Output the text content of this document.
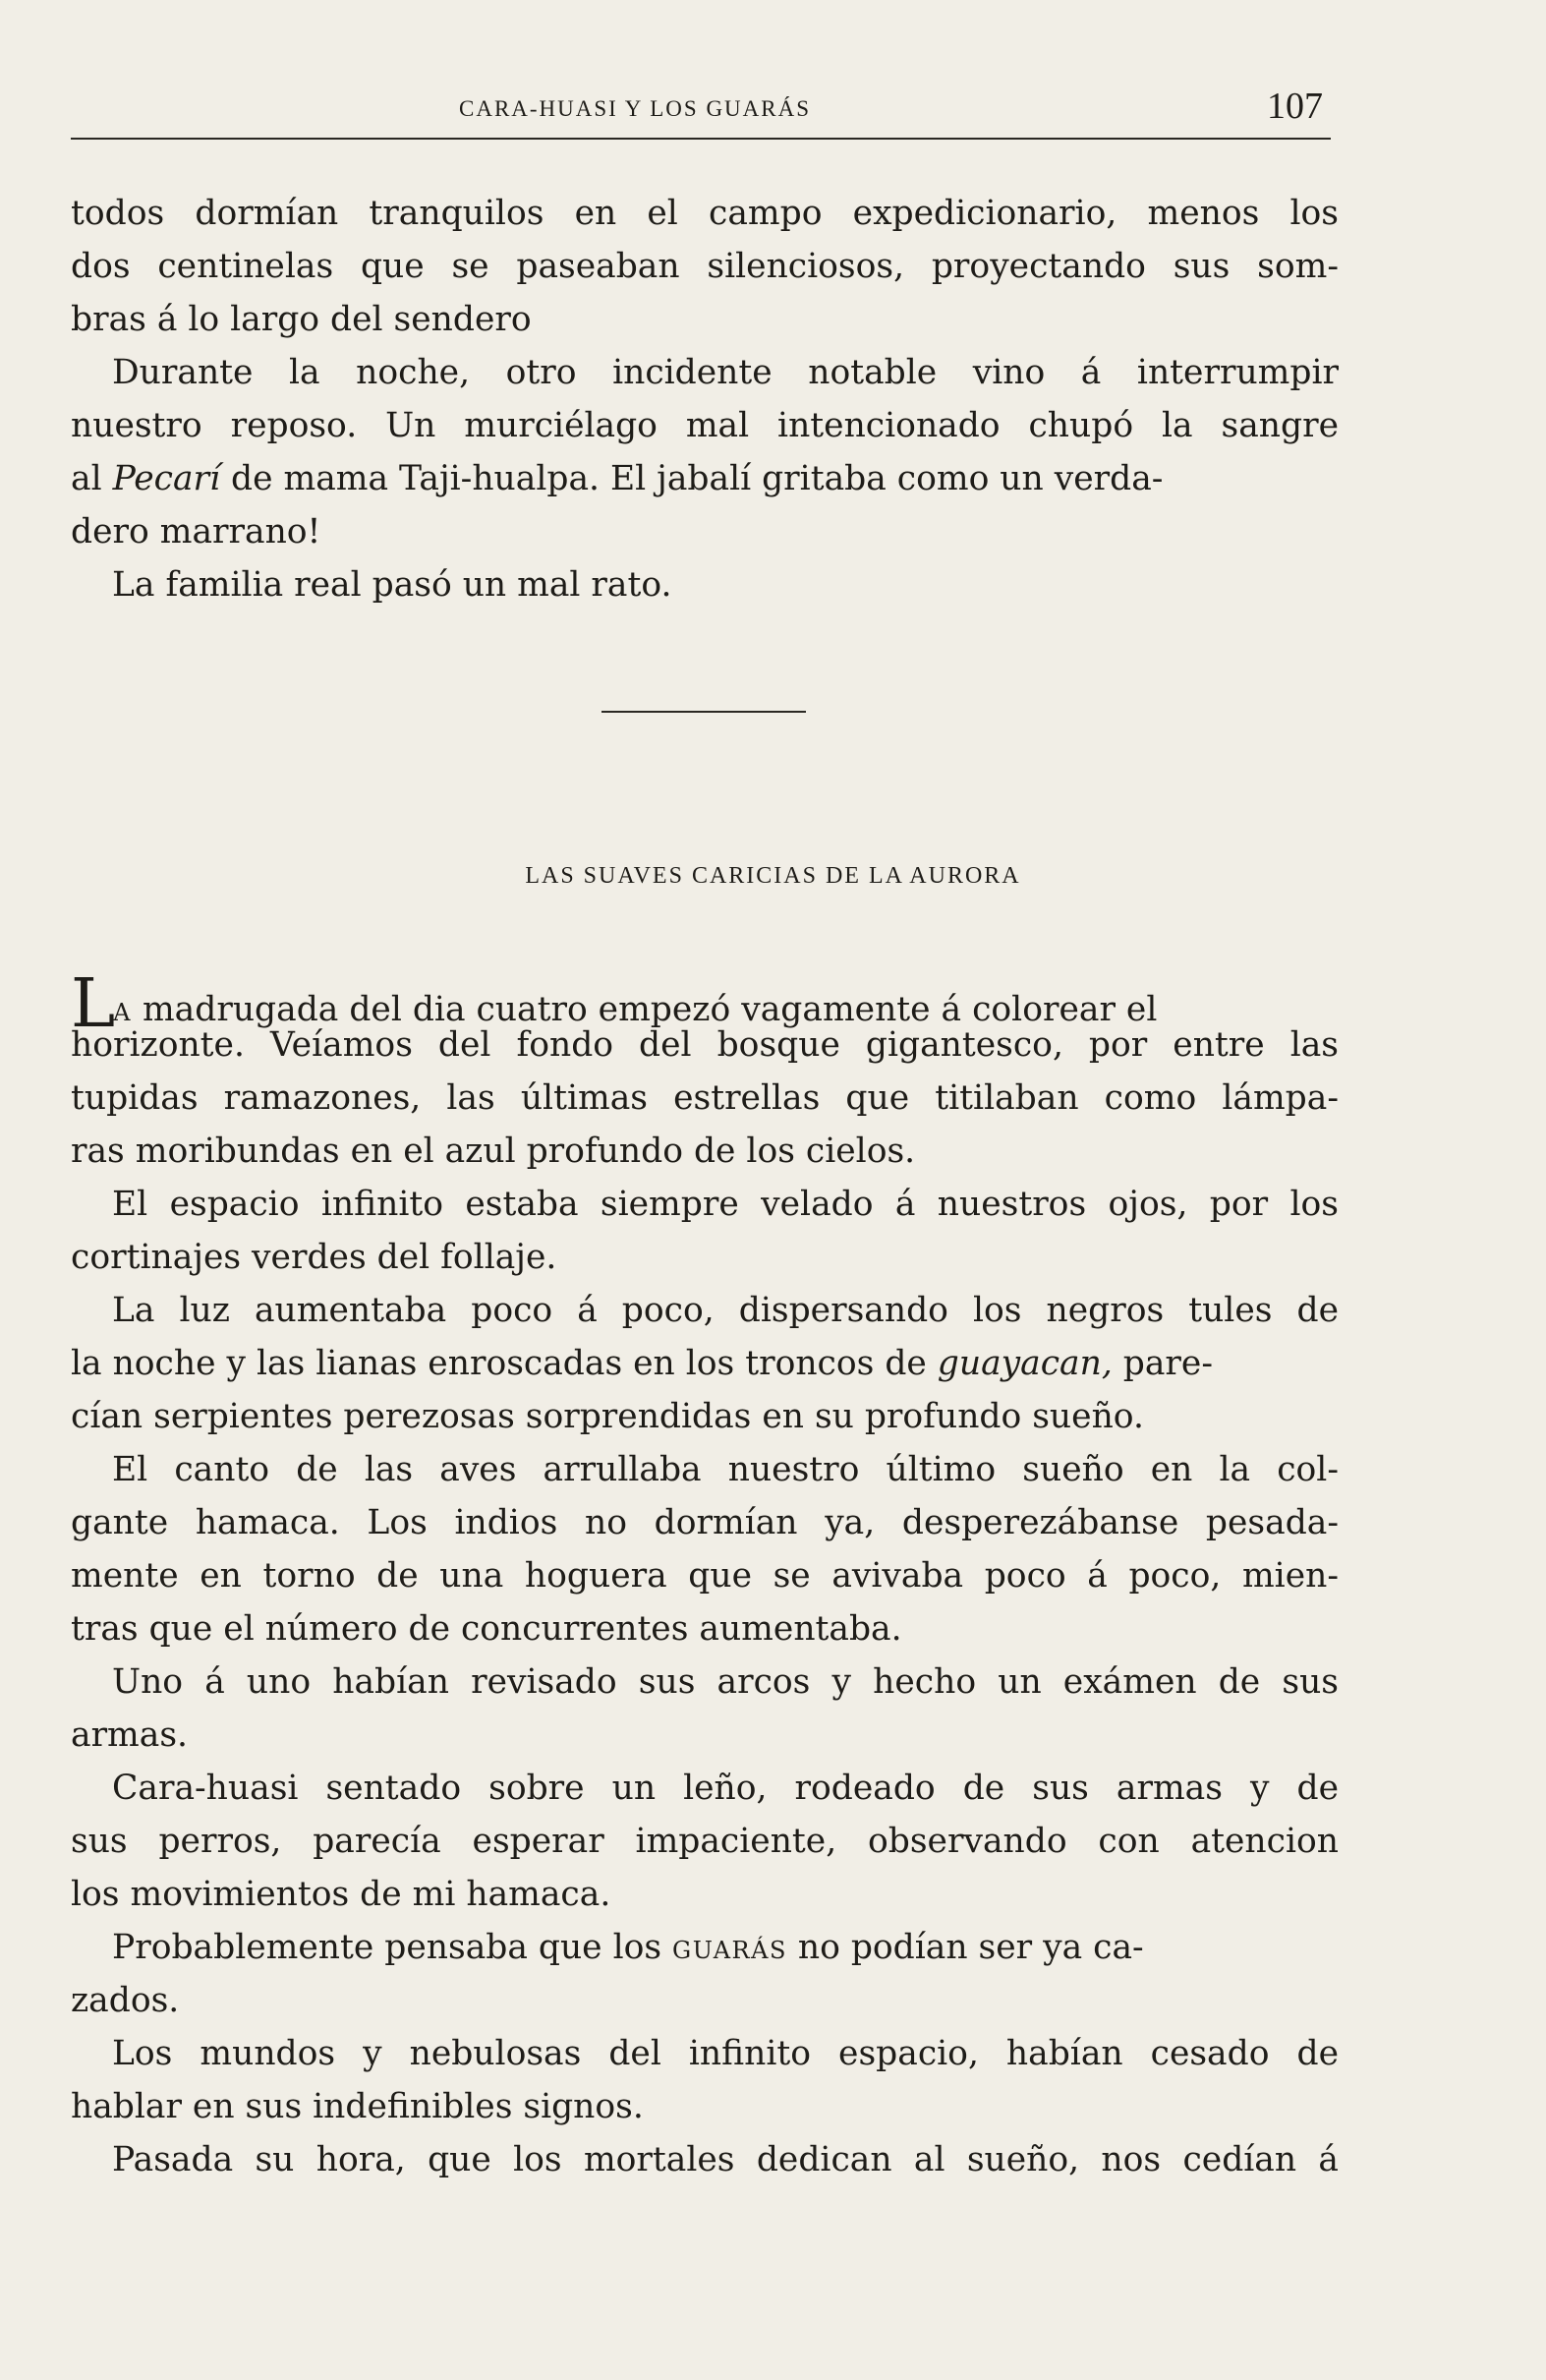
CARA-HUASI Y LOS GUARÁS	107
todos dormían tranquilos en el campo expedicionario, menos los
dos centinelas que se paseaban silenciosos, proyectando sus som-
bras á lo largo del sendero
Durante la noche, otro incidente notable vino á interrumpir
nuestro reposo. Un murciélago mal intencionado chupó la sangre
al Pecarí de mama Taji-hualpa. El jabalí gritaba como un verda-
dero marrano!
La familia real pasó un mal rato.
LAS SUAVES CARICIAS DE LA AURORA
LA madrugada del dia cuatro empezó vagamente á colorear el
horizonte. Veíamos del fondo del bosque gigantesco, por entre las
tupidas ramazones, las últimas estrellas que titilaban como lámpa-
ras moribundas en el azul profundo de los cielos.
El espacio infinito estaba siempre velado á nuestros ojos, por los
cortinajes verdes del follaje.
La luz aumentaba poco á poco, dispersando los negros tules de
la noche y las lianas enroscadas en los troncos de guayacan, pare-
cían serpientes perezosas sorprendidas en su profundo sueño.
El canto de las aves arrullaba nuestro último sueño en la col-
gante hamaca. Los indios no dormían ya, desperezábanse pesada-
mente en torno de una hoguera que se avivaba poco á poco, mien-
tras que el número de concurrentes aumentaba.
Uno á uno habían revisado sus arcos y hecho un exámen de sus
armas.
Cara-huasi sentado sobre un leño, rodeado de sus armas y de
sus perros, parecía esperar impaciente, observando con atencion
los movimientos de mi hamaca.
Probablemente pensaba que los GUARÁS no podían ser ya ca-
zados.
Los mundos y nebulosas del infinito espacio, habían cesado de
hablar en sus indefinibles signos.
Pasada su hora, que los mortales dedican al sueño, nos cedían á
